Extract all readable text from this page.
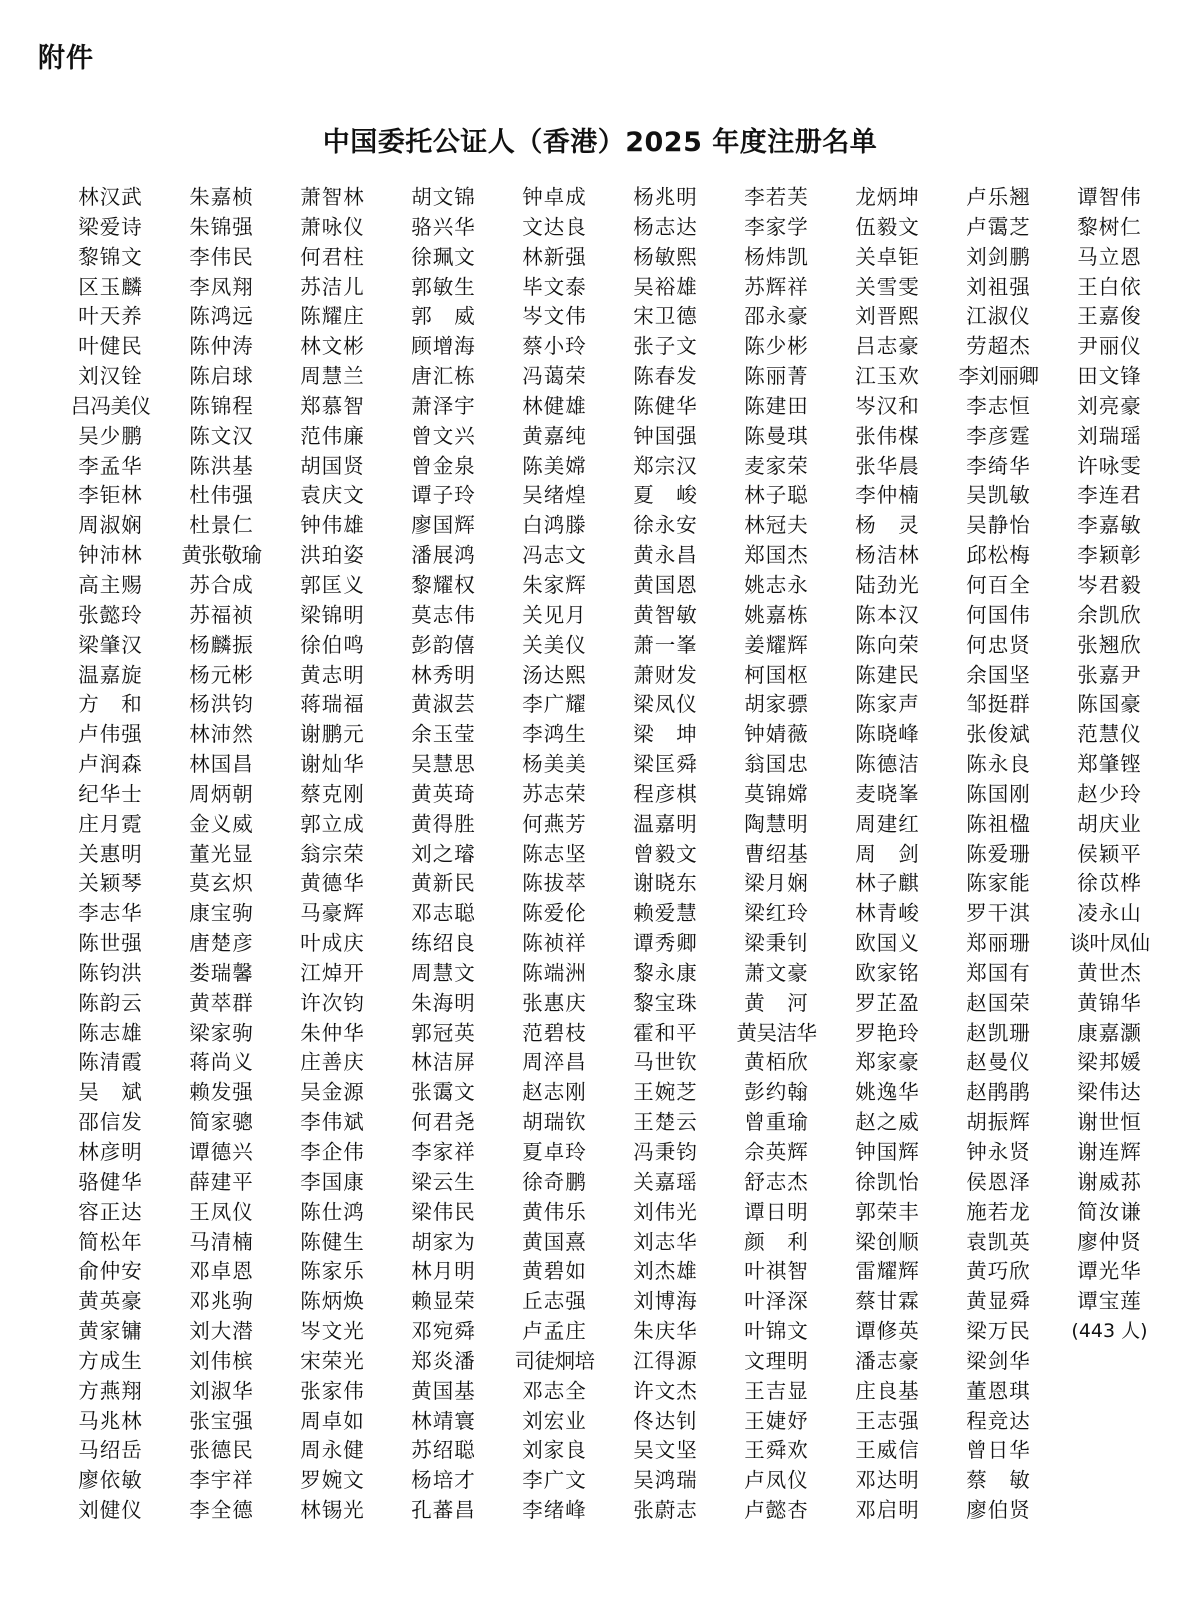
附件
中国委托公证人（香港）2025 年度注册名单
林汉武	朱嘉桢	萧智林	胡文锦	钟卓成	杨兆明	李若芙	龙炳坤	卢乐翘	谭智伟
梁爱诗	朱锦强	萧咏仪	骆兴华	文达良	杨志达	李家学	伍毅文	卢霭芝	黎树仁
黎锦文	李伟民	何君柱	徐珮文	林新强	杨敏熙	杨炜凯	关卓钜	刘剑鹏	马立恩
区玉麟	李凤翔	苏洁儿	郭敏生	毕文泰	吴裕雄	苏辉祥	关雪雯	刘祖强	王白依
叶天养	陈鸿远	陈耀庄	郭　威	岑文伟	宋卫德	邵永豪	刘晋熙	江淑仪	王嘉俊
叶健民	陈仲涛	林文彬	顾增海	蔡小玲	张子文	陈少彬	吕志豪	劳超杰	尹丽仪
刘汉铨	陈启球	周慧兰	唐汇栋	冯蔼荣	陈春发	陈丽菁	江玉欢	李刘丽卿	田文锋
吕冯美仪	陈锦程	郑慕智	萧泽宇	林健雄	陈健华	陈建田	岑汉和	李志恒	刘亮豪
吴少鹏	陈文汉	范伟廉	曾文兴	黄嘉纯	钟国强	陈曼琪	张伟楳	李彦霆	刘瑞瑶
李孟华	陈洪基	胡国贤	曾金泉	陈美嫦	郑宗汉	麦家荣	张华晨	李绮华	许咏雯
李钜林	杜伟强	袁庆文	谭子玲	吴绪煌	夏　峻	林子聪	李仲楠	吴凯敏	李连君
周淑娴	杜景仁	钟伟雄	廖国辉	白鸿滕	徐永安	林冠夫	杨　灵	吴静怡	李嘉敏
钟沛林	黄张敬瑜	洪珀姿	潘展鸿	冯志文	黄永昌	郑国杰	杨洁林	邱松梅	李颖彰
高主赐	苏合成	郭匡义	黎耀权	朱家辉	黄国恩	姚志永	陆劲光	何百全	岑君毅
张懿玲	苏福祯	梁锦明	莫志伟	关见月	黄智敏	姚嘉栋	陈本汉	何国伟	余凯欣
梁肇汉	杨麟振	徐伯鸣	彭韵僖	关美仪	萧一峯	姜耀辉	陈向荣	何忠贤	张翘欣
温嘉旋	杨元彬	黄志明	林秀明	汤达熙	萧财发	柯国枢	陈建民	余国坚	张嘉尹
方　和	杨洪钧	蒋瑞福	黄淑芸	李广耀	梁凤仪	胡家骠	陈家声	邹挺群	陈国豪
卢伟强	林沛然	谢鹏元	余玉莹	李鸿生	梁　坤	钟婧薇	陈晓峰	张俊斌	范慧仪
卢润森	林国昌	谢灿华	吴慧思	杨美美	梁匡舜	翁国忠	陈德洁	陈永良	郑肇铿
纪华士	周炳朝	蔡克刚	黄英琦	苏志荣	程彦棋	莫锦嫦	麦晓峯	陈国刚	赵少玲
庄月霓	金义威	郭立成	黄得胜	何燕芳	温嘉明	陶慧明	周建红	陈祖楹	胡庆业
关惠明	董光显	翁宗荣	刘之璿	陈志坚	曾毅文	曹绍基	周　剑	陈爱珊	侯颖平
关颖琴	莫玄炽	黄德华	黄新民	陈拔萃	谢晓东	梁月娴	林子麒	陈家能	徐苡桦
李志华	康宝驹	马豪辉	邓志聪	陈爱伦	赖爱慧	梁红玲	林青峻	罗干淇	凌永山
陈世强	唐楚彦	叶成庆	练绍良	陈祯祥	谭秀卿	梁秉钊	欧国义	郑丽珊	谈叶凤仙
陈钧洪	娄瑞馨	江焯开	周慧文	陈端洲	黎永康	萧文豪	欧家铭	郑国有	黄世杰
陈韵云	黄萃群	许次钧	朱海明	张惠庆	黎宝珠	黄　河	罗芷盈	赵国荣	黄锦华
陈志雄	梁家驹	朱仲华	郭冠英	范碧枝	霍和平	黄吴洁华	罗艳玲	赵凯珊	康嘉灏
陈清霞	蒋尚义	庄善庆	林洁屏	周淬昌	马世钦	黄栢欣	郑家豪	赵曼仪	梁邦媛
吴　斌	赖发强	吴金源	张霭文	赵志刚	王婉芝	彭约翰	姚逸华	赵鹃鹃	梁伟达
邵信发	简家骢	李伟斌	何君尧	胡瑞钦	王楚云	曾重瑜	赵之威	胡振辉	谢世恒
林彦明	谭德兴	李企伟	李家祥	夏卓玲	冯秉钧	佘英辉	钟国辉	钟永贤	谢连辉
骆健华	薛建平	李国康	梁云生	徐奇鹏	关嘉瑶	舒志杰	徐凯怡	侯恩泽	谢威荪
容正达	王凤仪	陈仕鸿	梁伟民	黄伟乐	刘伟光	谭日明	郭荣丰	施若龙	简汝谦
简松年	马清楠	陈健生	胡家为	黄国熹	刘志华	颜　利	梁创顺	袁凯英	廖仲贤
俞仲安	邓卓恩	陈家乐	林月明	黄碧如	刘杰雄	叶祺智	雷耀辉	黄巧欣	谭光华
黄英豪	邓兆驹	陈炳焕	赖显荣	丘志强	刘博海	叶泽深	蔡甘霖	黄显舜	谭宝莲
黄家镛	刘大潜	岑文光	邓宛舜	卢孟庄	朱庆华	叶锦文	谭修英	梁万民	(443 人)
方成生	刘伟槟	宋荣光	郑炎潘	司徒炯培	江得源	文理明	潘志豪	梁剑华
方燕翔	刘淑华	张家伟	黄国基	邓志全	许文杰	王吉显	庄良基	董恩琪
马兆林	张宝强	周卓如	林靖寰	刘宏业	佟达钊	王婕妤	王志强	程竞达
马绍岳	张德民	周永健	苏绍聪	刘家良	吴文坚	王舜欢	王威信	曾日华
廖依敏	李宇祥	罗婉文	杨培才	李广文	吴鸿瑞	卢凤仪	邓达明	蔡　敏
刘健仪	李全德	林锡光	孔蕃昌	李绪峰	张蔚志	卢懿杏	邓启明	廖伯贤
